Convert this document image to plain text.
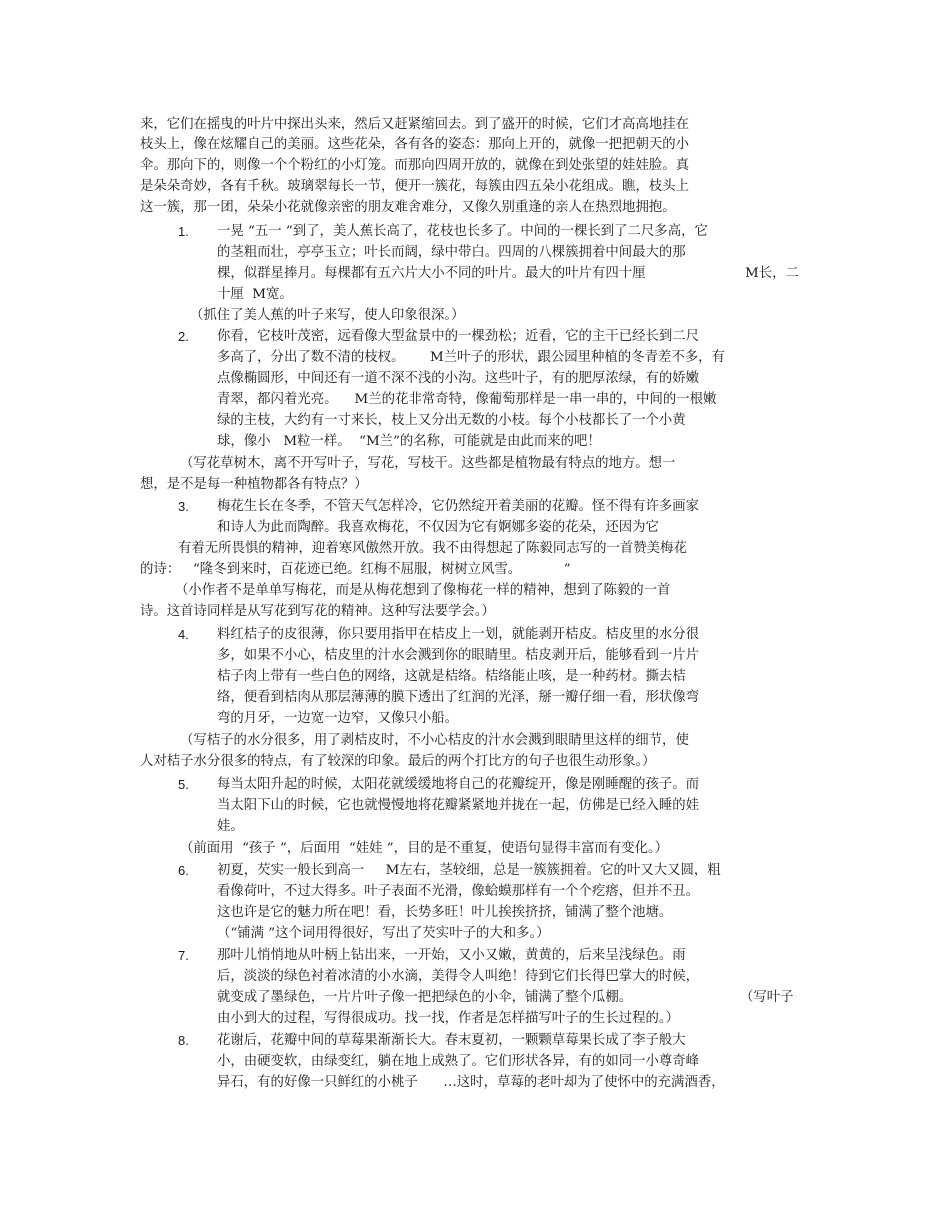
来，它们在摇曳的叶片中探出头来，然后又赶紧缩回去。到了盛开的时候，它们才高高地挂在
枝头上，像在炫耀自己的美丽。这些花朵，各有各的姿态：那向上开的，就像一把把朝天的小
伞。那向下的，则像一个个粉红的小灯笼。而那向四周开放的，就像在到处张望的娃娃脸。真
是朵朵奇妙，各有千秋。玻璃翠每长一节，便开一簇花，每簇由四五朵小花组成。瞧，枝头上
这一簇，那一团，朵朵小花就像亲密的朋友难舍难分，又像久别重逢的亲人在热烈地拥抱。
1. 一晃 “五一 ”到了，美人蕉长高了，花枝也长多了。中间的一棵长到了二尺多高，它
的茎粗而壮，亭亭玉立；叶长而阔，绿中带白。四周的八棵簇拥着中间最大的那
棵，似群星捧月。每棵都有五六片大小不同的叶片。最大的叶片有四十厘	M长，二
十厘  M宽。
（抓住了美人蕉的叶子来写，使人印象很深。）
2. 你看，它枝叶茂密，远看像大型盆景中的一棵劲松；近看，它的主干已经长到二尺
多高了，分出了数不清的枝杈。      M兰叶子的形状，跟公园里种植的冬青差不多，有
点像椭圆形，中间还有一道不深不浅的小沟。这些叶子，有的肥厚浓绿，有的娇嫩
青翠，都闪着光亮。    M兰的花非常奇特，像葡萄那样是一串一串的，中间的一根嫩
绿的主枝，大约有一寸来长，枝上又分出无数的小枝。每个小枝都长了一个小黄
球，像小   M粒一样。  “M兰”的名称，可能就是由此而来的吧！
（写花草树木，离不开写叶子，写花，写枝干。这些都是植物最有特点的地方。想一
想，是不是每一种植物都各有特点？）
3. 梅花生长在冬季，不管天气怎样冷，它仍然绽开着美丽的花瓣。怪不得有许多画家
和诗人为此而陶醉。我喜欢梅花，不仅因为它有婀娜多姿的花朵，还因为它
有着无所畏惧的精神，迎着寒风傲然开放。我不由得想起了陈毅同志写的一首赞美梅花
的诗：   “隆冬到来时，百花迹已绝。红梅不屈服，树树立风雪。          ”
（小作者不是单单写梅花，而是从梅花想到了像梅花一样的精神，想到了陈毅的一首
诗。这首诗同样是从写花到写花的精神。这种写法要学会。）
4. 料红桔子的皮很薄，你只要用指甲在桔皮上一划，就能剥开桔皮。桔皮里的水分很
多，如果不小心，桔皮里的汁水会溅到你的眼睛里。桔皮剥开后，能够看到一片片
桔子肉上带有一些白色的网络，这就是桔络。桔络能止咳，是一种药材。撕去桔
络，便看到桔肉从那层薄薄的膜下透出了红润的光泽，掰一瓣仔细一看，形状像弯
弯的月牙，一边宽一边窄，又像只小船。
（写桔子的水分很多，用了剥桔皮时，不小心桔皮的汁水会溅到眼睛里这样的细节，使
人对桔子水分很多的特点，有了较深的印象。最后的两个打比方的句子也很生动形象。）
5. 每当太阳升起的时候，太阳花就缓缓地将自己的花瓣绽开，像是刚睡醒的孩子。而
当太阳下山的时候，它也就慢慢地将花瓣紧紧地并拢在一起，仿佛是已经入睡的娃
娃。
（前面用  “孩子 ”，后面用  “娃娃 ”，目的是不重复，使语句显得丰富而有变化。）
6. 初夏，芡实一般长到高一     M左右，茎较细，总是一簇簇拥着。它的叶又大又圆，粗
看像荷叶，不过大得多。叶子表面不光滑，像蛤蟆那样有一个个疙瘩，但并不丑。
这也许是它的魅力所在吧！看，长势多旺！叶儿挨挨挤挤，铺满了整个池塘。
（“铺满 ”这个词用得很好，写出了芡实叶子的大和多。）
7. 那叶儿悄悄地从叶柄上钻出来，一开始，又小又嫩，黄黄的，后来呈浅绿色。雨
后，淡淡的绿色衬着冰清的小水滴，美得令人叫绝！待到它们长得巴掌大的时候，
就变成了墨绿色，一片片叶子像一把把绿色的小伞，铺满了整个瓜棚。	（写叶子
由小到大的过程，写得很成功。找一找，作者是怎样描写叶子的生长过程的。）
8. 花谢后，花瓣中间的草莓果渐渐长大。春末夏初，一颗颗草莓果长成了李子般大
小，由硬变软，由绿变红，躺在地上成熟了。它们形状各异，有的如同一小尊奇峰
异石，有的好像一只鲜红的小桃子      …这时，草莓的老叶却为了使怀中的充满酒香，
